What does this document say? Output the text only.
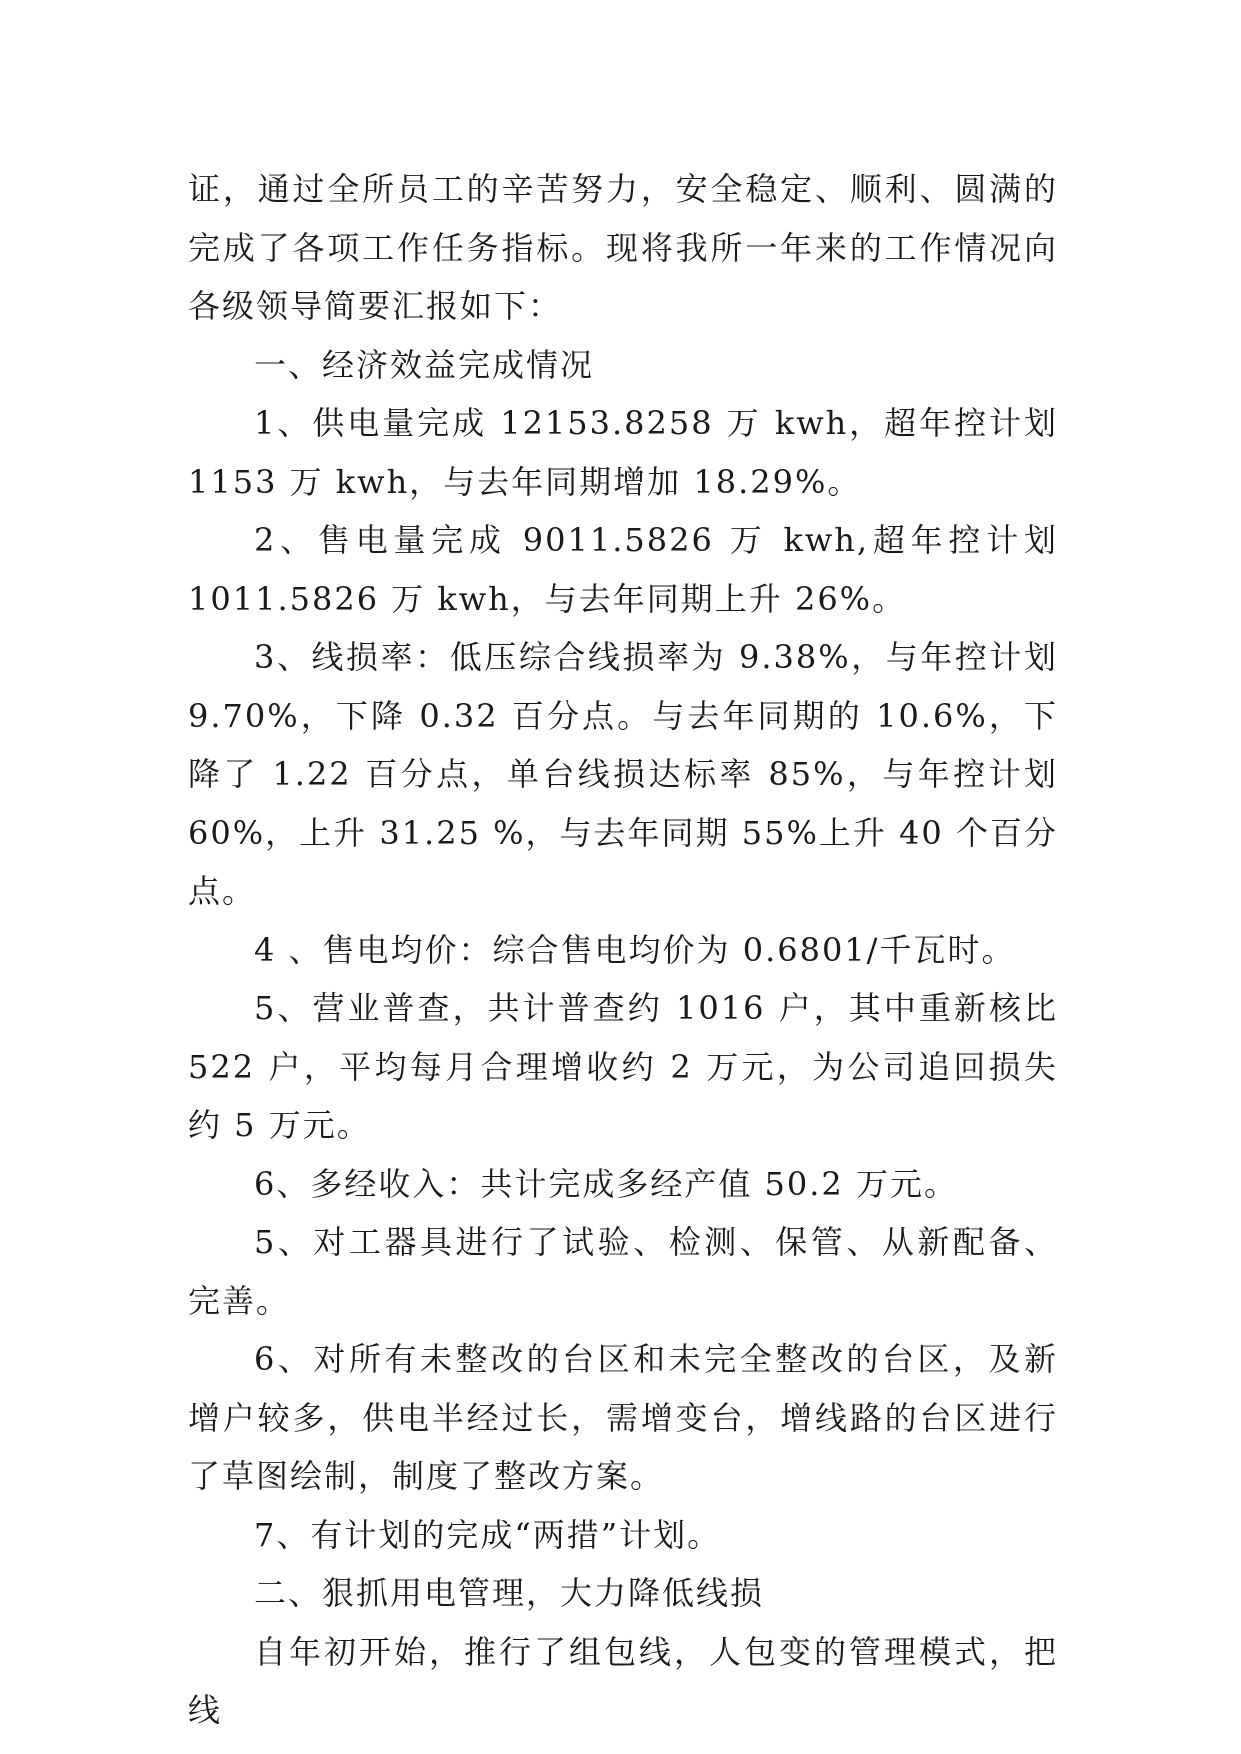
证，通过全所员工的辛苦努力，安全稳定、顺利、圆满的完成了各项工作任务指标。现将我所一年来的工作情况向各级领导简要汇报如下：

一、经济效益完成情况

1、供电量完成 12153.8258 万 kwh，超年控计划 1153 万 kwh，与去年同期增加 18.29%。

2、售电量完成 9011.5826 万 kwh,超年控计划 1011.5826 万 kwh，与去年同期上升 26%。

3、线损率：低压综合线损率为 9.38%，与年控计划 9.70%，下降 0.32 百分点。与去年同期的 10.6%，下降了 1.22 百分点，单台线损达标率 85%，与年控计划 60%，上升 31.25 %，与去年同期 55%上升 40 个百分点。

4 、售电均价：综合售电均价为 0.6801/千瓦时。

5、营业普查，共计普查约 1016 户，其中重新核比 522 户，平均每月合理增收约 2 万元，为公司追回损失约 5 万元。

6、多经收入：共计完成多经产值 50.2 万元。

5、对工器具进行了试验、检测、保管、从新配备、完善。

6、对所有未整改的台区和未完全整改的台区，及新增户较多，供电半经过长，需增变台，增线路的台区进行了草图绘制，制度了整改方案。

7、有计划的完成“两措”计划。

二、狠抓用电管理，大力降低线损

自年初开始，推行了组包线，人包变的管理模式，把线
